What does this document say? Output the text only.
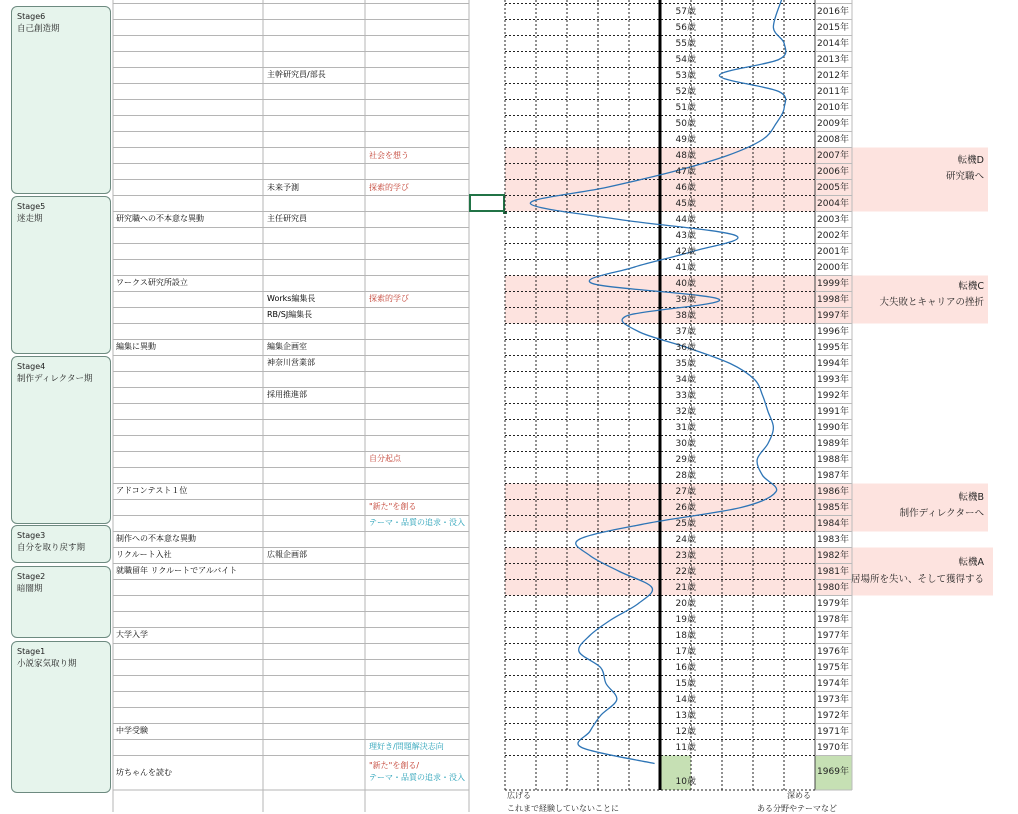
Stage6
自己創造期
Stage5
迷走期
Stage4
制作ディレクター期
Stage3
自分を取り戻す期
Stage2
暗闇期
Stage1
小説家気取り期
主幹研究員/部長
社会を想う
未来予測	探索的学び
研究職への不本意な異動	主任研究員
ワークス研究所設立
Works編集長	探索的学び
RB/SJ編集長
編集に異動	編集企画室
神奈川営業部
採用推進部
自分起点
アドコンテスト１位
"新た"を創る
テーマ・品質の追求・没入
制作への不本意な異動
リクルート入社	広報企画部
就職留年 リクルートでアルバイト
大学入学
中学受験
理好き/問題解決志向
坊ちゃんを読む
"新た"を創る/
テーマ・品質の追求・没入
57歳
56歳
55歳
54歳
53歳
52歳
51歳
50歳
49歳
48歳
47歳
46歳
45歳
44歳
43歳
42歳
41歳
40歳
39歳
38歳
37歳
36歳
35歳
34歳
33歳
32歳
31歳
30歳
29歳
28歳
27歳
26歳
25歳
24歳
23歳
22歳
21歳
20歳
19歳
18歳
17歳
16歳
15歳
14歳
13歳
12歳
11歳
10歳
2016年
2015年
2014年
2013年
2012年
2011年
2010年
2009年
2008年
2007年
2006年
2005年
2004年
2003年
2002年
2001年
2000年
1999年
1998年
1997年
1996年
1995年
1994年
1993年
1992年
1991年
1990年
1989年
1988年
1987年
1986年
1985年
1984年
1983年
1982年
1981年
1980年
1979年
1978年
1977年
1976年
1975年
1974年
1973年
1972年
1971年
1970年
1969年
転機D
研究職へ
転機C
大失敗とキャリアの挫折
転機B
制作ディレクターへ
転機A
居場所を失い、そして獲得する
広げる
これまで経験していないことに
深める
ある分野やテーマなど
